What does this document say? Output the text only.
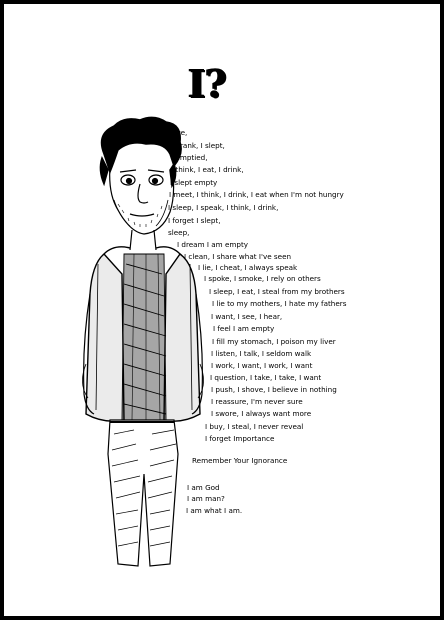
I?
I ate,
I drank, I slept,
I emptied,
I think, I eat, I drink,
I slept empty
I meet, I think, I drink, I eat when I'm not hungry
I sleep, I speak, I think, I drink,
I forget I slept,
sleep,
I dream I am empty
I clean, I share what I've seen
I lie, I cheat, I always speak
I spoke, I smoke, I rely on others
I sleep, I eat, I steal from my brothers
I lie to my mothers, I hate my fathers
I want, I see, I hear,
I feel I am empty
I fill my stomach, I poison my liver
I listen, I talk, I seldom walk
I work, I want, I work, I want
I question, I take, I take, I want
I push, I shove, I believe in nothing
I reassure, I'm never sure
I swore, I always want more
I buy, I steal, I never reveal
I forget Importance
Remember Your Ignorance
I am God
I am man?
I am what I am.
